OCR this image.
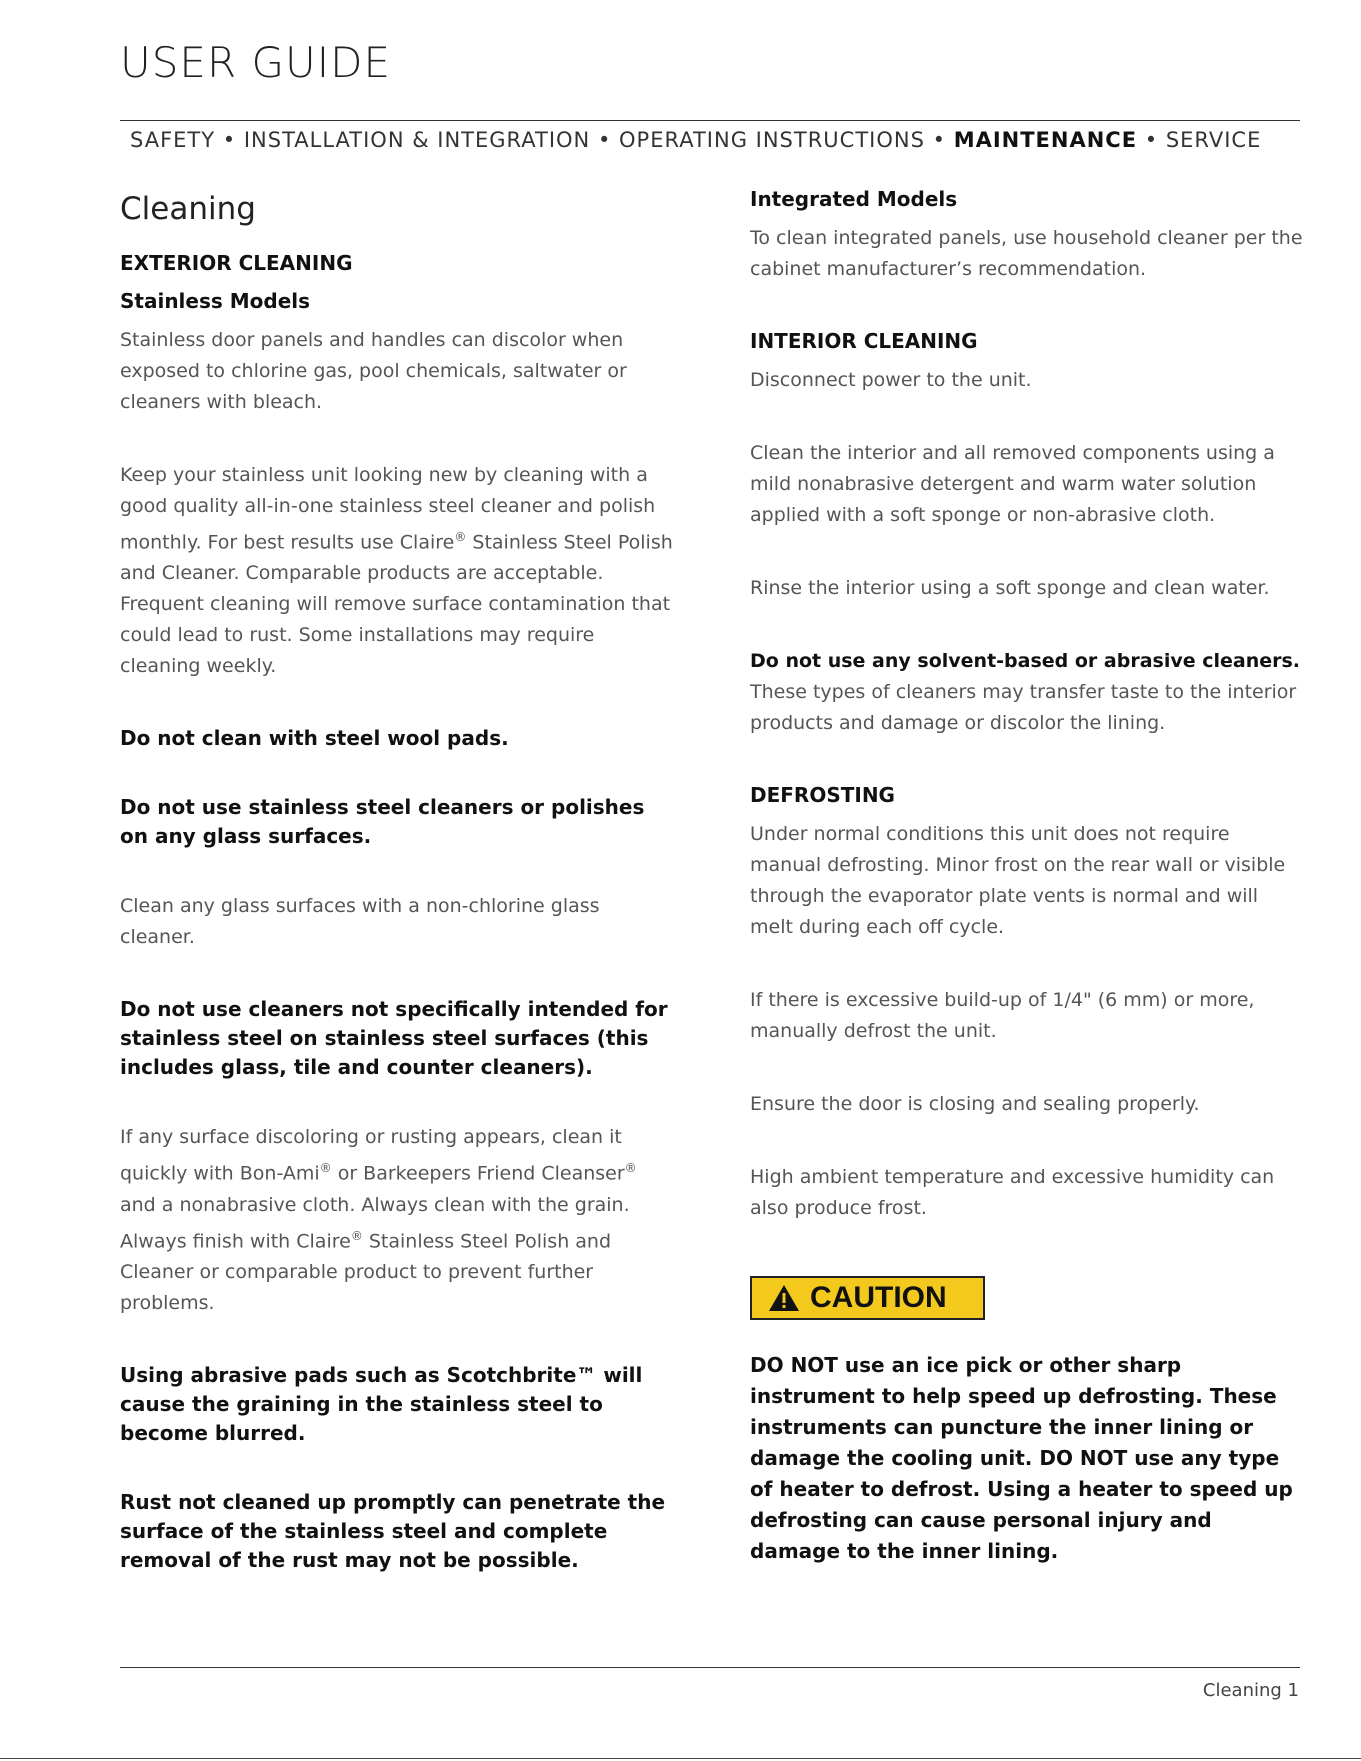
USER GUIDE
SAFETY • INSTALLATION & INTEGRATION • OPERATING INSTRUCTIONS • MAINTENANCE • SERVICE
Cleaning
EXTERIOR CLEANING
Stainless Models

Stainless door panels and handles can discolor when exposed to chlorine gas, pool chemicals, saltwater or cleaners with bleach.

Keep your stainless unit looking new by cleaning with a good quality all-in-one stainless steel cleaner and polish monthly. For best results use Claire® Stainless Steel Polish and Cleaner. Comparable products are acceptable. Frequent cleaning will remove surface contamination that could lead to rust. Some installations may require cleaning weekly.

Do not clean with steel wool pads.

Do not use stainless steel cleaners or polishes on any glass surfaces.

Clean any glass surfaces with a non-chlorine glass cleaner.

Do not use cleaners not specifically intended for stainless steel on stainless steel surfaces (this includes glass, tile and counter cleaners).

If any surface discoloring or rusting appears, clean it quickly with Bon-Ami® or Barkeepers Friend Cleanser® and a nonabrasive cloth. Always clean with the grain. Always finish with Claire® Stainless Steel Polish and Cleaner or comparable product to prevent further problems.

Using abrasive pads such as Scotchbrite™ will cause the graining in the stainless steel to become blurred.

Rust not cleaned up promptly can penetrate the surface of the stainless steel and complete removal of the rust may not be possible.

Integrated Models

To clean integrated panels, use household cleaner per the cabinet manufacturer’s recommendation.

INTERIOR CLEANING

Disconnect power to the unit.

Clean the interior and all removed components using a mild nonabrasive detergent and warm water solution applied with a soft sponge or non-abrasive cloth.

Rinse the interior using a soft sponge and clean water.

Do not use any solvent-based or abrasive cleaners. These types of cleaners may transfer taste to the interior products and damage or discolor the lining.

DEFROSTING

Under normal conditions this unit does not require manual defrosting. Minor frost on the rear wall or visible through the evaporator plate vents is normal and will melt during each off cycle.

If there is excessive build-up of 1/4" (6 mm) or more, manually defrost the unit.

Ensure the door is closing and sealing properly.

High ambient temperature and excessive humidity can also produce frost.

CAUTION
DO NOT use an ice pick or other sharp instrument to help speed up defrosting. These instruments can puncture the inner lining or damage the cooling unit. DO NOT use any type of heater to defrost. Using a heater to speed up defrosting can cause personal injury and damage to the inner lining.
Cleaning 1
